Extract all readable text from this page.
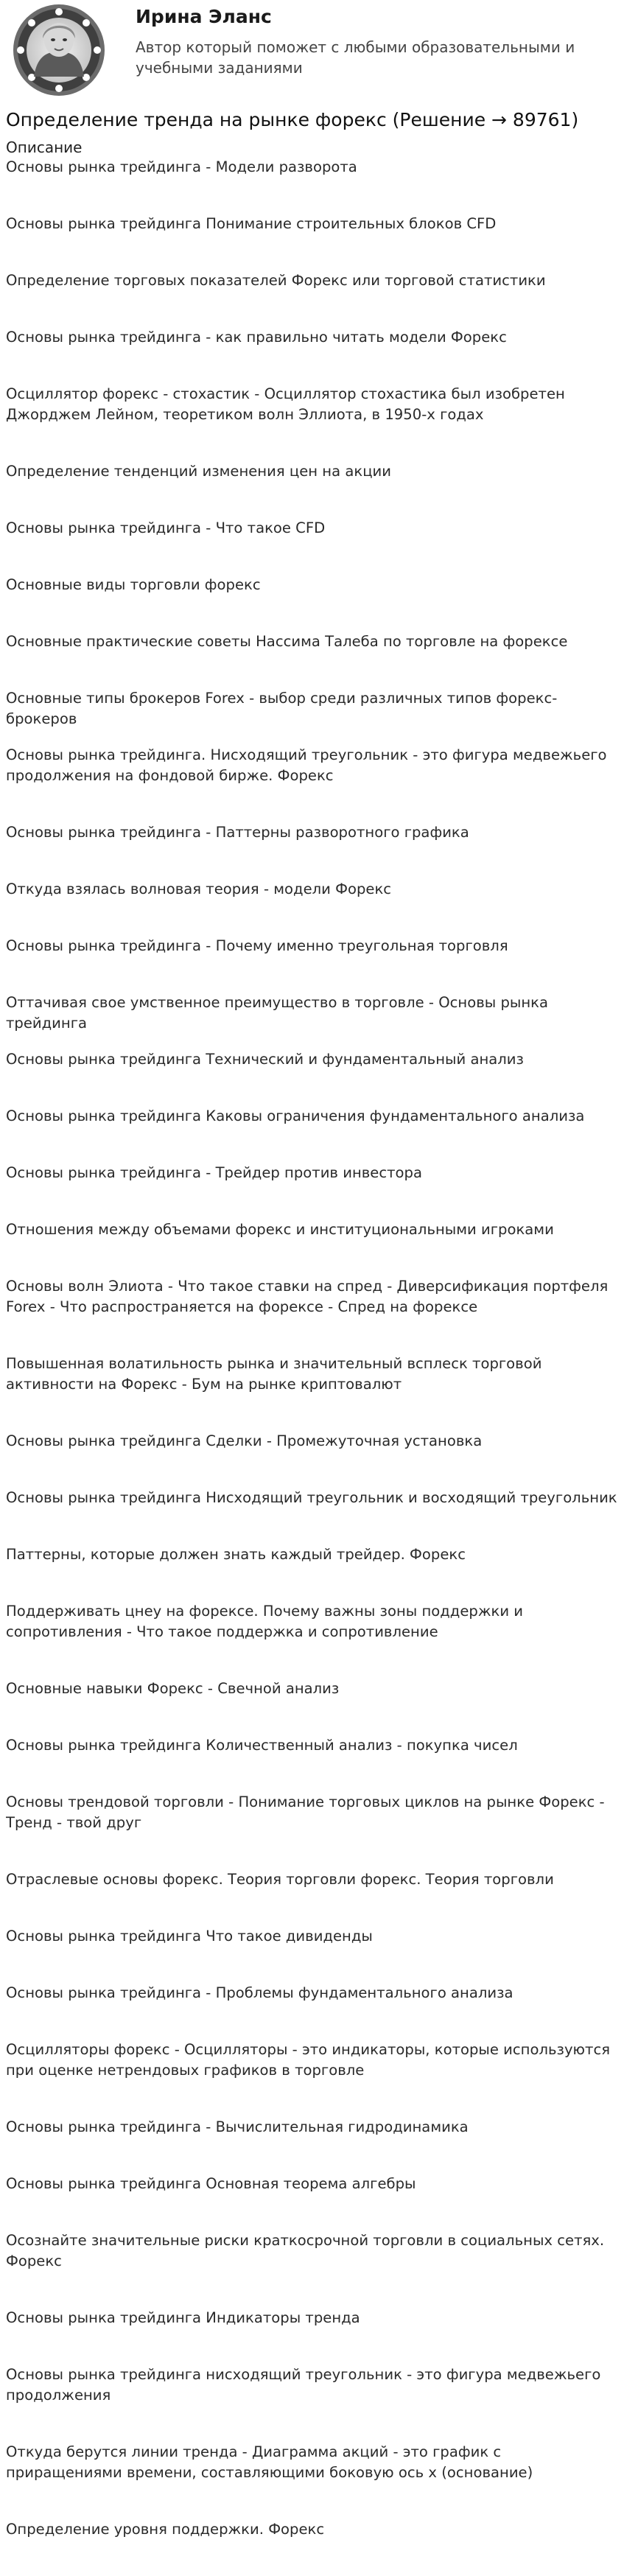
Ирина Эланс
Автор который поможет с любыми образовательными и учебными заданиями
Определение тренда на рынке форекс (Решение → 89761)
Описание
Основы рынка трейдинга - Модели разворота
Основы рынка трейдинга Понимание строительных блоков CFD
Определение торговых показателей Форекс или торговой статистики
Основы рынка трейдинга - как правильно читать модели Форекс
Осциллятор форекс - стохастик - Осциллятор стохастика был изобретен Джорджем Лейном, теоретиком волн Эллиота, в 1950-х годах
Определение тенденций изменения цен на акции
Основы рынка трейдинга - Что такое CFD
Основные виды торговли форекс
Основные практические советы Нассима Талеба по торговле на форексе
Основные типы брокеров Forex - выбор среди различных типов форекс-брокеров
Основы рынка трейдинга. Нисходящий треугольник - это фигура медвежьего продолжения на фондовой бирже. Форекс
Основы рынка трейдинга - Паттерны разворотного графика
Откуда взялась волновая теория - модели Форекс
Основы рынка трейдинга - Почему именно треугольная торговля
Оттачивая свое умственное преимущество в торговле - Основы рынка трейдинга
Основы рынка трейдинга Технический и фундаментальный анализ
Основы рынка трейдинга Каковы ограничения фундаментального анализа
Основы рынка трейдинга - Трейдер против инвестора
Отношения между объемами форекс и институциональными игроками
Основы волн Элиота - Что такое ставки на спред - Диверсификация портфеля Forex - Что распространяется на форексе - Спред на форексе
Повышенная волатильность рынка и значительный всплеск торговой активности на Форекс - Бум на рынке криптовалют
Основы рынка трейдинга Сделки - Промежуточная установка
Основы рынка трейдинга Нисходящий треугольник и восходящий треугольник
Паттерны, которые должен знать каждый трейдер. Форекс
Поддерживать цнеу на форексе. Почему важны зоны поддержки и сопротивления - Что такое поддержка и сопротивление
Основные навыки Форекс - Свечной анализ
Основы рынка трейдинга Количественный анализ - покупка чисел
Основы трендовой торговли - Понимание торговых циклов на рынке Форекс - Тренд - твой друг
Отраслевые основы форекс. Теория торговли форекс. Теория торговли
Основы рынка трейдинга Что такое дивиденды
Основы рынка трейдинга - Проблемы фундаментального анализа
Осцилляторы форекс - Осцилляторы - это индикаторы, которые используются при оценке нетрендовых графиков в торговле
Основы рынка трейдинга - Вычислительная гидродинамика
Основы рынка трейдинга Основная теорема алгебры
Осознайте значительные риски краткосрочной торговли в социальных сетях. Форекс
Основы рынка трейдинга Индикаторы тренда
Основы рынка трейдинга нисходящий треугольник - это фигура медвежьего продолжения
Откуда берутся линии тренда - Диаграмма акций - это график с приращениями времени, составляющими боковую ось x (основание)
Определение уровня поддержки. Форекс
